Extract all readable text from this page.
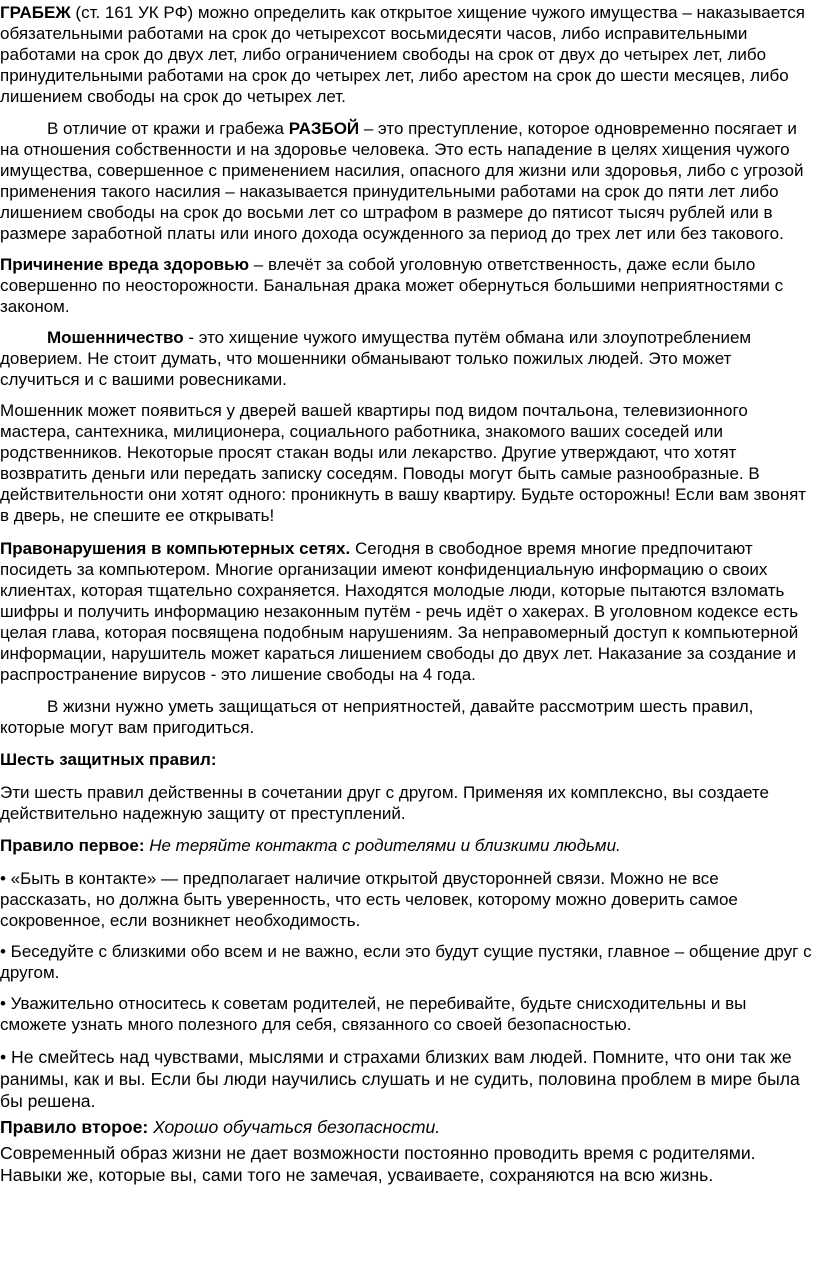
ГРАБЕЖ (ст. 161 УК РФ) можно определить как открытое хищение чужого имущества – наказывается обязательными работами на срок до четырехсот восьмидесяти часов, либо исправительными работами на срок до двух лет, либо ограничением свободы на срок от двух до четырех лет, либо принудительными работами на срок до четырех лет, либо арестом на срок до шести месяцев, либо лишением свободы на срок до четырех лет.

В отличие от кражи и грабежа РАЗБОЙ – это преступление, которое одновременно посягает и на отношения собственности и на здоровье человека. Это есть нападение в целях хищения чужого имущества, совершенное с применением насилия, опасного для жизни или здоровья, либо с угрозой применения такого насилия – наказывается принудительными работами на срок до пяти лет либо лишением свободы на срок до восьми лет со штрафом в размере до пятисот тысяч рублей или в размере заработной платы или иного дохода осужденного за период до трех лет или без такового.

Причинение вреда здоровью – влечёт за собой уголовную ответственность, даже если было совершенно по неосторожности. Банальная драка может обернуться большими неприятностями с законом.

Мошенничество - это хищение чужого имущества путём обмана или злоупотреблением доверием. Не стоит думать, что мошенники обманывают только пожилых людей. Это может случиться и с вашими ровесниками.

Мошенник может появиться у дверей вашей квартиры под видом почтальона, телевизионного мастера, сантехника, милиционера, социального работника, знакомого ваших соседей или родственников. Некоторые просят стакан воды или лекарство. Другие утверждают, что хотят возвратить деньги или передать записку соседям. Поводы могут быть самые разнообразные. В действительности они хотят одного: проникнуть в вашу квартиру. Будьте осторожны! Если вам звонят в дверь, не спешите ее открывать!

Правонарушения в компьютерных сетях. Сегодня в свободное время многие предпочитают посидеть за компьютером. Многие организации имеют конфиденциальную информацию о своих клиентах, которая тщательно сохраняется. Находятся молодые люди, которые пытаются взломать шифры и получить информацию незаконным путём - речь идёт о хакерах. В уголовном кодексе есть целая глава, которая посвящена подобным нарушениям. За неправомерный доступ к компьютерной информации, нарушитель может караться лишением свободы до двух лет. Наказание за создание и распространение вирусов - это лишение свободы на 4 года.

В жизни нужно уметь защищаться от неприятностей, давайте рассмотрим шесть правил, которые могут вам пригодиться.

Шесть защитных правил:

Эти шесть правил действенны в сочетании друг с другом. Применяя их комплексно, вы создаете действительно надежную защиту от преступлений.

Правило первое: Не теряйте контакта с родителями и близкими людьми.

• «Быть в контакте» — предполагает наличие открытой двусторонней связи. Можно не все рассказать, но должна быть уверенность, что есть человек, которому можно доверить самое сокровенное, если возникнет необходимость.

• Беседуйте с близкими обо всем и не важно, если это будут сущие пустяки, главное – общение друг с другом.

• Уважительно относитесь к советам родителей, не перебивайте, будьте снисходительны и вы сможете узнать много полезного для себя, связанного со своей безопасностью.

• Не смейтесь над чувствами, мыслями и страхами близких вам людей. Помните, что они так же ранимы, как и вы. Если бы люди научились слушать и не судить, половина проблем в мире была бы решена.

Правило второе: Хорошо обучаться безопасности.

Современный образ жизни не дает возможности постоянно проводить время с родителями. Навыки же, которые вы, сами того не замечая, усваиваете, сохраняются на всю жизнь.
